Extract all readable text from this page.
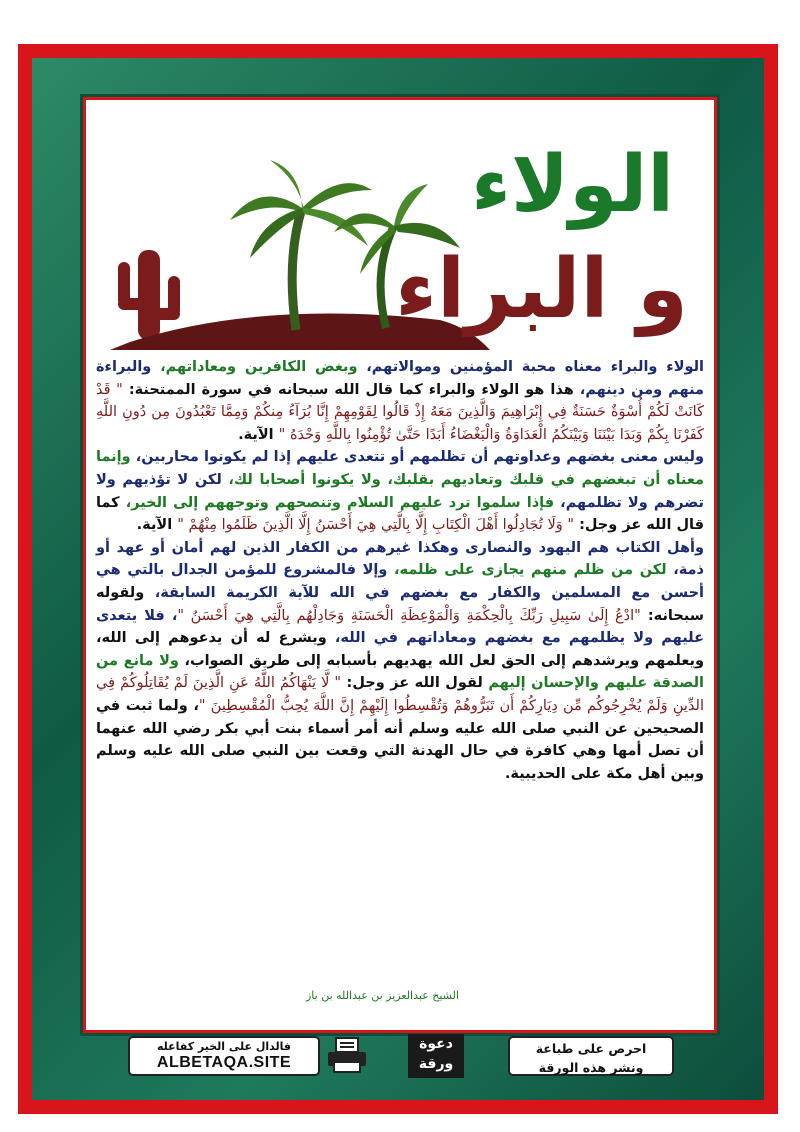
الولاء
و البراء

الولاء والبراء معناه محبة المؤمنين وموالاتهم، وبغض الكافرين ومعاداتهم، والبراءة منهم ومن دينهم، هذا هو الولاء والبراء كما قال الله سبحانه في سورة الممتحنة: " قَدْ كَانَتْ لَكُمْ أُسْوَةٌ حَسَنَةٌ فِي إِبْرَاهِيمَ وَالَّذِينَ مَعَهُ إِذْ قَالُوا لِقَوْمِهِمْ إِنَّا بُرَآءُ مِنكُمْ وَمِمَّا تَعْبُدُونَ مِن دُونِ اللَّهِ كَفَرْنَا بِكُمْ وَبَدَا بَيْنَنَا وَبَيْنَكُمُ الْعَدَاوَةُ وَالْبَغْضَاءُ أَبَدًا حَتَّىٰ تُؤْمِنُوا بِاللَّهِ وَحْدَهُ " الآية.

وليس معنى بغضهم وعداوتهم أن تظلمهم أو تتعدى عليهم إذا لم يكونوا محاربين، وإنما معناه أن تبغضهم في قلبك وتعاديهم بقلبك، ولا يكونوا أصحابا لك، لكن لا تؤذيهم ولا تضرهم ولا تظلمهم، فإذا سلموا ترد عليهم السلام وتنصحهم وتوجههم إلى الخير، كما قال الله عز وجل: " وَلَا تُجَادِلُوا أَهْلَ الْكِتَابِ إِلَّا بِالَّتِي هِيَ أَحْسَنُ إِلَّا الَّذِينَ ظَلَمُوا مِنْهُمْ " الآية.

وأهل الكتاب هم اليهود والنصارى وهكذا غيرهم من الكفار الذين لهم أمان أو عهد أو ذمة، لكن من ظلم منهم يجازى على ظلمه، وإلا فالمشروع للمؤمن الجدال بالتي هي أحسن مع المسلمين والكفار مع بغضهم في الله للآية الكريمة السابقة، ولقوله سبحانه: "ادْعُ إِلَىٰ سَبِيلِ رَبِّكَ بِالْحِكْمَةِ وَالْمَوْعِظَةِ الْحَسَنَةِ وَجَادِلْهُم بِالَّتِي هِيَ أَحْسَنُ "، فلا يتعدى عليهم ولا يظلمهم مع بغضهم ومعاداتهم في الله، ويشرع له أن يدعوهم إلى الله، ويعلمهم ويرشدهم إلى الحق لعل الله يهديهم بأسبابه إلى طريق الصواب، ولا مانع من الصدقة عليهم والإحسان إليهم لقول الله عز وجل: " لَّا يَنْهَاكُمُ اللَّهُ عَنِ الَّذِينَ لَمْ يُقَاتِلُوكُمْ فِي الدِّينِ وَلَمْ يُخْرِجُوكُم مِّن دِيَارِكُمْ أَن تَبَرُّوهُمْ وَتُقْسِطُوا إِلَيْهِمْ إِنَّ اللَّهَ يُحِبُّ الْمُقْسِطِينَ "، ولما ثبت في الصحيحين عن النبي صلى الله عليه وسلم أنه أمر أسماء بنت أبي بكر رضي الله عنهما أن تصل أمها وهي كافرة في حال الهدنة التي وقعت بين النبي صلى الله عليه وسلم وبين أهل مكة على الحديبية.

الشيخ عبدالعزيز بن عبدالله بن باز
فالدال على الخير كفاعله
ALBETAQA.SITE
دعوة
ورقة
احرص على طباعة
ونشر هذه الورقة
